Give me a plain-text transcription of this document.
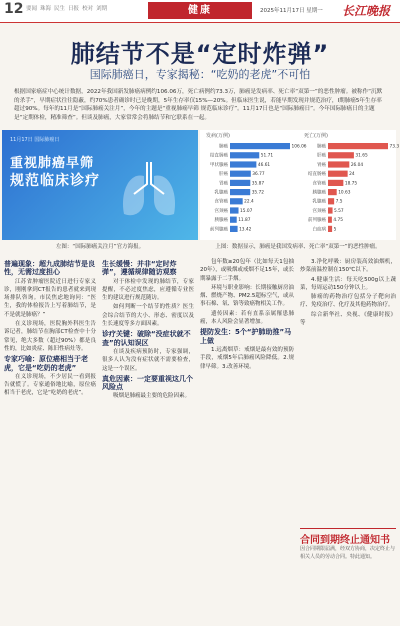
12 要闻 珠海 民生 日报 校对 刘期	健康	2025年11月17日 星期一 长江晚报
肺结节不是“定时炸弹”
国际肺癌日，专家揭秘：“吃奶的老虎”不可怕
根据国家癌症中心统计数据，2022年我国新发肺癌病例约106.06万，死亡病例约73.3万，肺癌是发病率、死亡率“双第一”的恶性肿瘤。被称作“沉默的杀手”，早期症状往往隐蔽，约70%患者确诊时已是晚期，5年生存率仅15%—20%。但临床医生说，若能早期发现并规范治疗，I期肺癌5年生存率超过90%。每年的11月是“国际肺癌关注月”，今年的主题是“重视肺癌早筛 规范临床诊疗”。11月17日也是“国际肺癌日”。今年国际肺癌日的主题是“定期体检，精准筛查”。但谈及肺癌，大家常常会将肺结节和它联系在一起。
11月17日 国际肺癌日
重视肺癌早筛
规范临床诊疗
发病(万例)	死亡(万例)
肺癌	106.06
结直肠癌	51.71
甲状腺癌	46.61
肝癌	36.77
胃癌	35.87
乳腺癌	35.72
食管癌	22.4
宫颈癌	15.07
胰腺癌 11.87
前列腺癌	13.42
肺癌	73.3
肝癌	31.65
胃癌	26.04
结直肠癌	24
食管癌	18.75
胰腺癌	10.63
乳腺癌 7.5
宫颈癌 5.57
前列腺癌 4.75
白血病 5
左图：“国际肺癌关注月”官方海报。	上图：数据显示，肺癌是我国发病率、死亡率“双第一”的恶性肿瘤。
普遍现象：超九成肺结节是良性，无需过度担心

江苏省肿瘤医院近日进行专家义诊，刚刚拿到CT报告的患者就来到现场排队咨询。市民焦虑地询问：“医生，我的体检报告上写着肺结节，是不是就是肺癌？”

在义诊现场，医院胸外科医生告诉记者，肺结节在胸部CT检查中十分常见，绝大多数（超过90%）都是良性的，比如炎症、陈旧性病灶等。

专家巧喻：原位癌相当于老虎，它是“吃奶的老虎”

在义诊现场，不少居民一看到报告就慌了。专家通俗地比喻，原位癌相当于老虎，它是“吃奶的老虎”。

生长缓慢：并非“定时炸弹”，遵循规律随访观察

对于体检中发现的肺结节，专家提醒，不必过度焦虑，应遵循专业医生的建议进行规范随访。

如何判断一个结节的性质？医生会综合结节的大小、形态、密度以及生长速度等多方面因素。

诊疗关键：破除“没症状就不查”的认知误区

在谈及疾病预防时，专家强调，很多人认为没有症状就不需要检查，这是一个误区。

真危因素：一定要重视这几个风险点

吸烟是肺癌最主要的危险因素。

包年数≥20包年（比如每天1包抽20年），或吸烟或戒烟不足15年，或长期暴露于二手烟。

环境与职业影响：长期接触厨房油烟、燃烧产物、PM2.5超标空气，或从事石棉、氡、铬等致癌物相关工作。

遗传因素：若有直系亲属罹患肺癌，本人风险会显著增加。

提防发生：5个“护肺助推”马上做

1.远离烟草：戒烟是最有效的预防手段，戒烟5年后肺癌风险降低。2.规律早筛。3.改善环境。

3.净化呼吸：厨房装高效油烟机，炒菜前温控制在150℃以下。

4.健康生活：每天吃500g以上蔬菜，每周运动150分钟以上。

肺癌的药物治疗包括分子靶向治疗、免疫治疗、化疗及其他药物治疗。

综合新华社、央视、《健康时报》等

合同到期终止通知书
因合同期限届满，经双方协商，决定终止与相关人员的劳动合同。特此通知。
